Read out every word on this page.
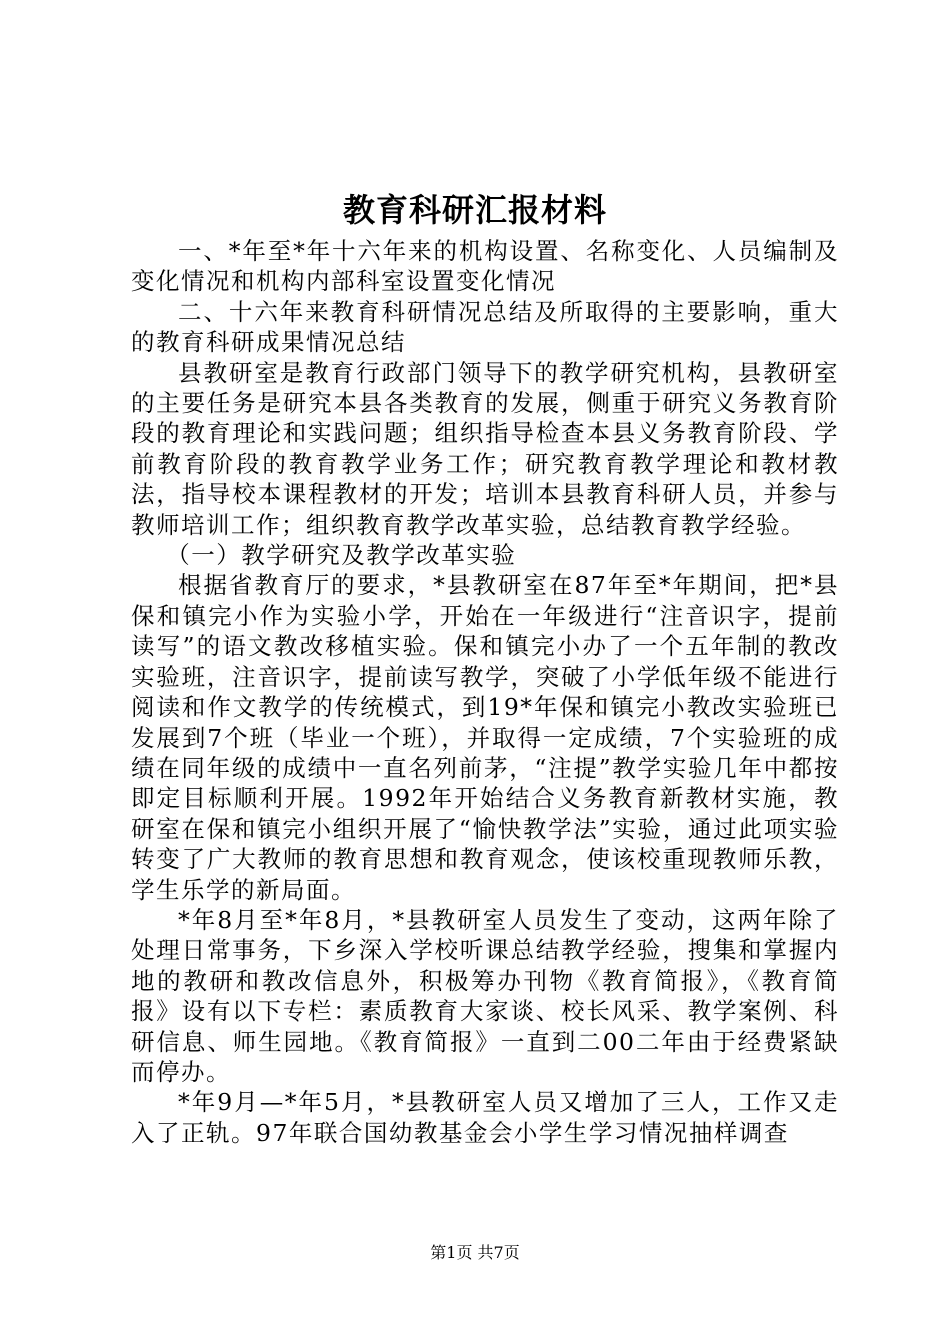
教育科研汇报材料

一、*年至*年十六年来的机构设置、名称变化、人员编制及变化情况和机构内部科室设置变化情况

二、十六年来教育科研情况总结及所取得的主要影响，重大的教育科研成果情况总结

县教研室是教育行政部门领导下的教学研究机构，县教研室的主要任务是研究本县各类教育的发展，侧重于研究义务教育阶段的教育理论和实践问题；组织指导检查本县义务教育阶段、学前教育阶段的教育教学业务工作；研究教育教学理论和教材教法，指导校本课程教材的开发；培训本县教育科研人员，并参与教师培训工作；组织教育教学改革实验，总结教育教学经验。

（一）教学研究及教学改革实验

根据省教育厅的要求，*县教研室在87年至*年期间，把*县保和镇完小作为实验小学，开始在一年级进行“注音识字，提前读写”的语文教改移植实验。保和镇完小办了一个五年制的教改实验班，注音识字，提前读写教学，突破了小学低年级不能进行阅读和作文教学的传统模式，到19*年保和镇完小教改实验班已发展到7个班（毕业一个班），并取得一定成绩，7个实验班的成绩在同年级的成绩中一直名列前茅，“注提”教学实验几年中都按即定目标顺利开展。1992年开始结合义务教育新教材实施，教研室在保和镇完小组织开展了“愉快教学法”实验，通过此项实验转变了广大教师的教育思想和教育观念，使该校重现教师乐教，学生乐学的新局面。

*年8月至*年8月，*县教研室人员发生了变动，这两年除了处理日常事务，下乡深入学校听课总结教学经验，搜集和掌握内地的教研和教改信息外，积极筹办刊物《教育简报》，《教育简报》设有以下专栏：素质教育大家谈、校长风采、教学案例、科研信息、师生园地。《教育简报》一直到二00二年由于经费紧缺而停办。

*年9月—*年5月，*县教研室人员又增加了三人，工作又走入了正轨。97年联合国幼教基金会小学生学习情况抽样调查

第1页 共7页
